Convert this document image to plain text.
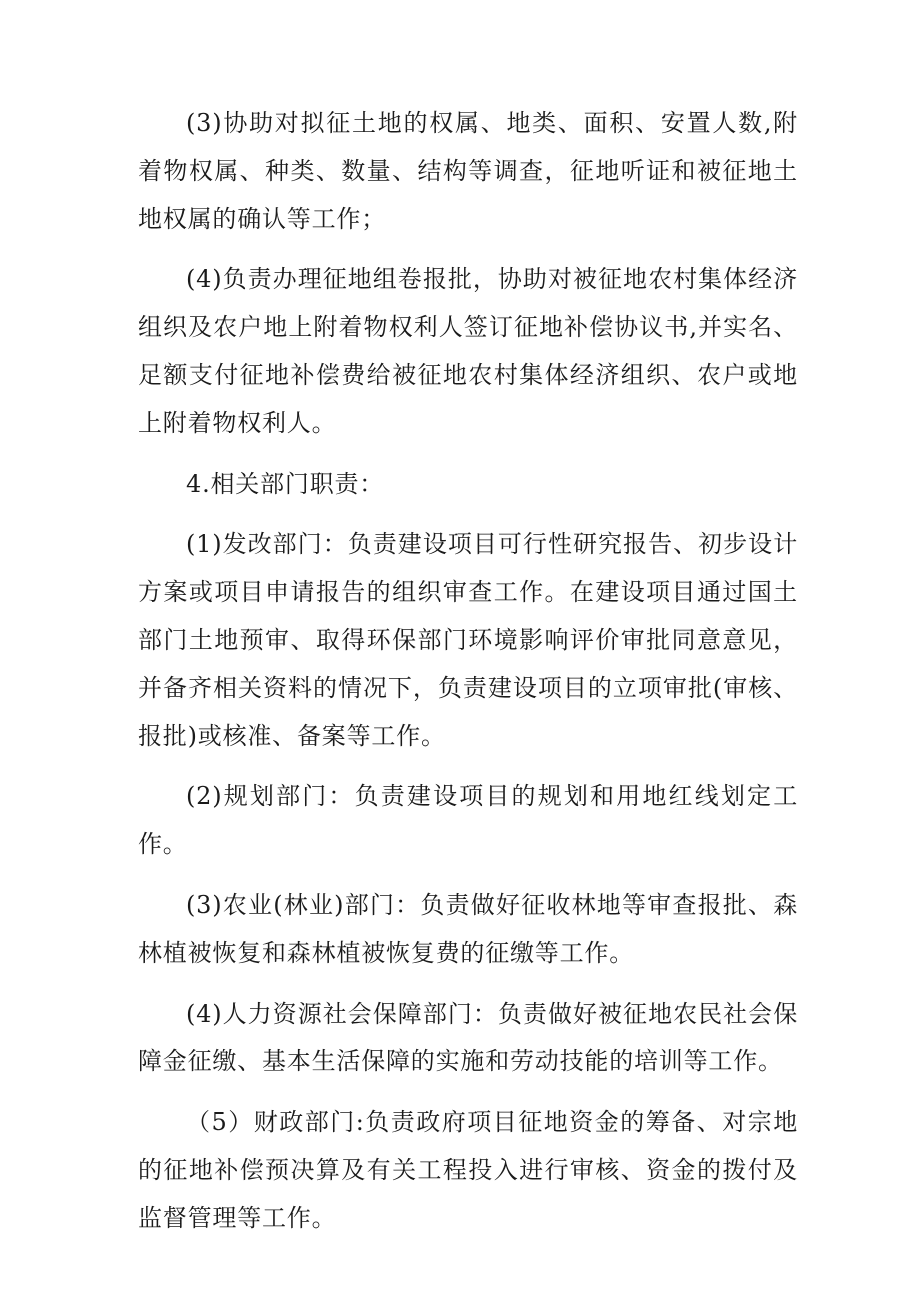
(3)协助对拟征土地的权属、地类、面积、安置人数,附着物权属、种类、数量、结构等调查，征地听证和被征地土地权属的确认等工作；

(4)负责办理征地组卷报批，协助对被征地农村集体经济组织及农户地上附着物权利人签订征地补偿协议书,并实名、足额支付征地补偿费给被征地农村集体经济组织、农户或地上附着物权利人。

4.相关部门职责：

(1)发改部门：负责建设项目可行性研究报告、初步设计方案或项目申请报告的组织审查工作。在建设项目通过国土部门土地预审、取得环保部门环境影响评价审批同意意见，并备齐相关资料的情况下，负责建设项目的立项审批(审核、报批)或核准、备案等工作。

(2)规划部门：负责建设项目的规划和用地红线划定工作。

(3)农业(林业)部门：负责做好征收林地等审查报批、森林植被恢复和森林植被恢复费的征缴等工作。

(4)人力资源社会保障部门：负责做好被征地农民社会保障金征缴、基本生活保障的实施和劳动技能的培训等工作。

（5）财政部门:负责政府项目征地资金的筹备、对宗地的征地补偿预决算及有关工程投入进行审核、资金的拨付及监督管理等工作。
